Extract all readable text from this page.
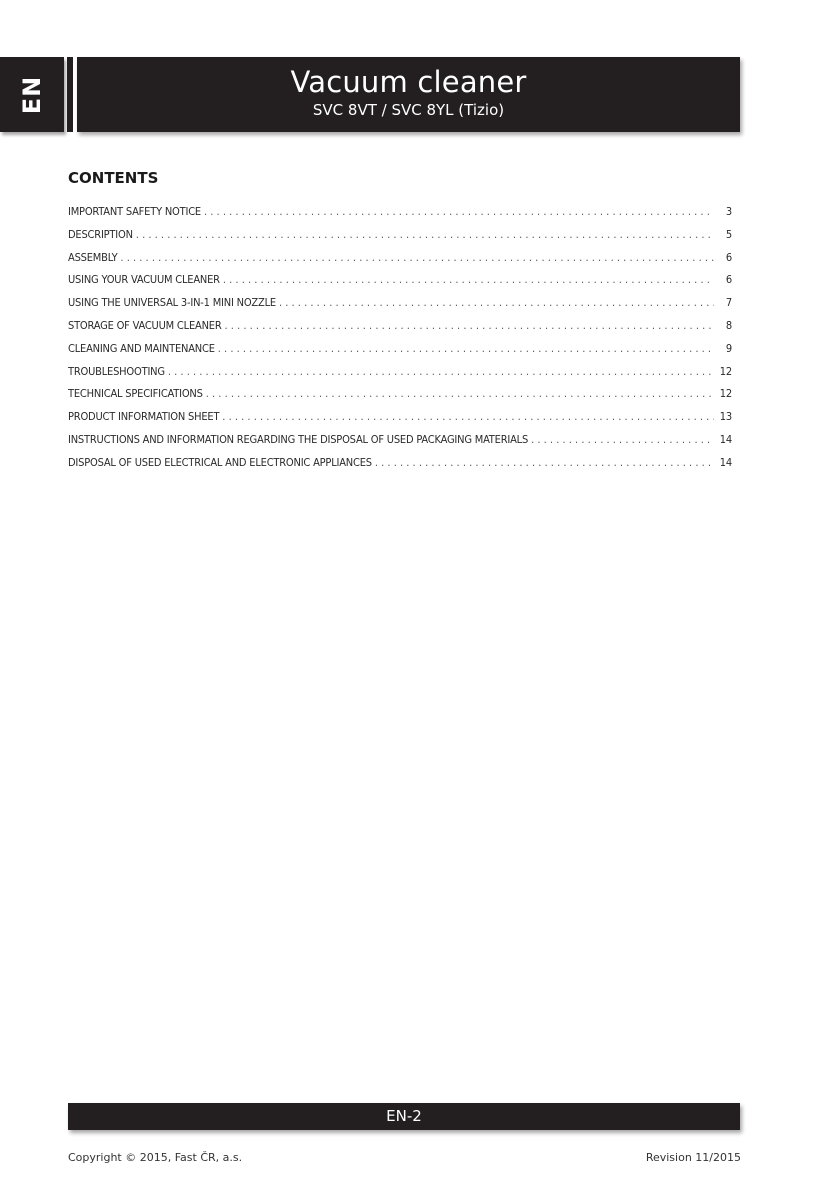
EN	Vacuum cleaner
SVC 8VT / SVC 8YL (Tizio)
CONTENTS
IMPORTANT SAFETY NOTICE . . .	3
DESCRIPTION . . .	5
ASSEMBLY . . .	6
USING YOUR VACUUM CLEANER . . .	6
USING THE UNIVERSAL 3-IN-1 MINI NOZZLE . . .	7
STORAGE OF VACUUM CLEANER . . .	8
CLEANING AND MAINTENANCE . . .	9
TROUBLESHOOTING . . .	12
TECHNICAL SPECIFICATIONS . . .	12
PRODUCT INFORMATION SHEET . . .	13
INSTRUCTIONS AND INFORMATION REGARDING THE DISPOSAL OF USED PACKAGING MATERIALS . . .	14
DISPOSAL OF USED ELECTRICAL AND ELECTRONIC APPLIANCES . . .	14
EN-2
Copyright © 2015, Fast ČR, a.s.	Revision 11/2015
